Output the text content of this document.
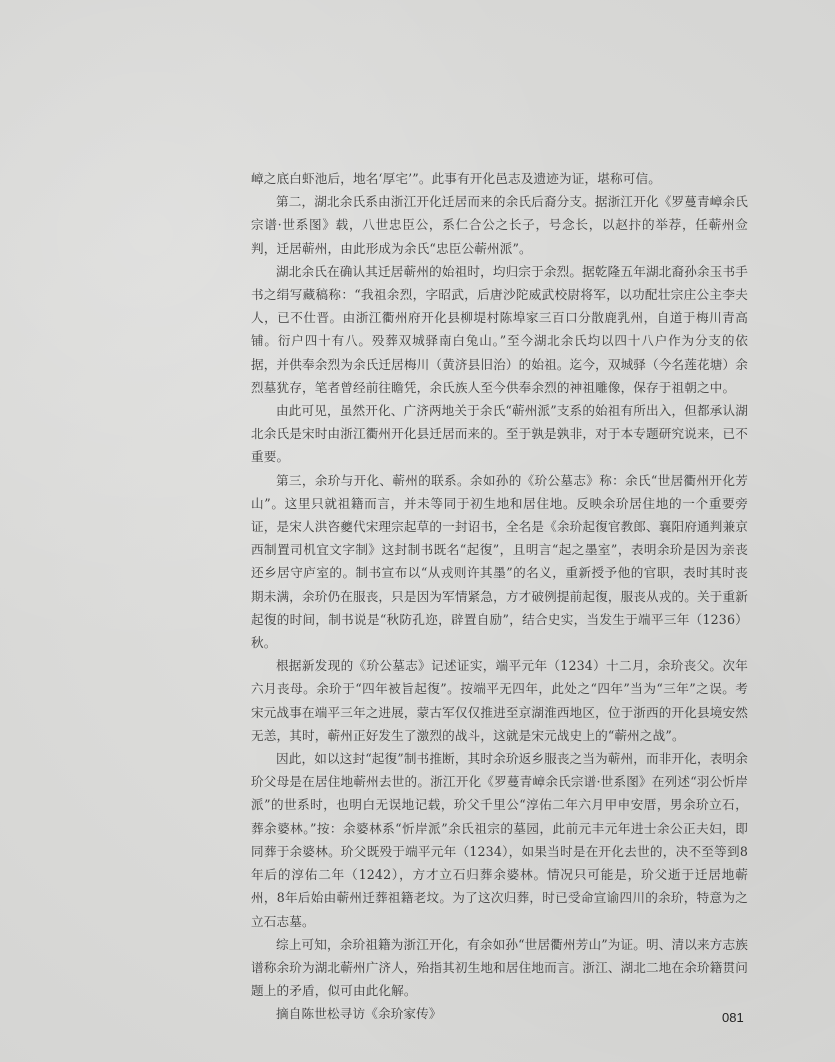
嶂之底白虾池后，地名‘厚宅’”。此事有开化邑志及遗迹为证，堪称可信。

第二，湖北余氏系由浙江开化迁居而来的余氏后裔分支。据浙江开化《罗蔓青嶂余氏宗谱·世系图》载，八世忠臣公，系仁合公之长子，号念长，以赵抃的举荐，任蕲州佥判，迁居蕲州，由此形成为余氏“忠臣公蕲州派”。

湖北余氏在确认其迁居蕲州的始祖时，均归宗于余烈。据乾隆五年湖北裔孙余玉书手书之绢写藏稿称：“我祖余烈，字昭武，后唐沙陀威武校尉将军，以功配壮宗庄公主李夫人，已不仕晋。由浙江衢州府开化县柳堤村陈埠家三百口分散鹿乳州，自道于梅川青高铺。衍户四十有八。殁葬双城驿南白兔山。”至今湖北余氏均以四十八户作为分支的依据，并供奉余烈为余氏迁居梅川（黄济县旧治）的始祖。迄今，双城驿（今名莲花塘）余烈墓犹存，笔者曾经前往瞻凭，余氏族人至今供奉余烈的神祖雕像，保存于祖朝之中。

由此可见，虽然开化、广济两地关于余氏“蕲州派”支系的始祖有所出入，但都承认湖北余氏是宋时由浙江衢州开化县迁居而来的。至于孰是孰非，对于本专题研究说来，已不重要。

第三，余玠与开化、蕲州的联系。余如孙的《玠公墓志》称：余氏“世居衢州开化芳山”。这里只就祖籍而言，并未等同于初生地和居住地。反映余玠居住地的一个重要旁证，是宋人洪咨夔代宋理宗起草的一封诏书，全名是《余玠起復官教郎、襄阳府通判兼京西制置司机宜文字制》这封制书既名“起復”，且明言“起之墨室”，表明余玠是因为亲丧还乡居守庐室的。制书宣布以“从戎则许其墨”的名义，重新授予他的官职，表时其时丧期未满，余玠仍在服丧，只是因为军情紧急，方才破例提前起復，服丧从戎的。关于重新起復的时间，制书说是“秋防孔迩，辟置自励”，结合史实，当发生于端平三年（1236）秋。

根据新发现的《玠公墓志》记述证实，端平元年（1234）十二月，余玠丧父。次年六月丧母。余玠于“四年被旨起復”。按端平无四年，此处之“四年”当为“三年”之误。考宋元战事在端平三年之进展，蒙古军仅仅推进至京湖淮西地区，位于浙西的开化县境安然无恙，其时，蕲州正好发生了激烈的战斗，这就是宋元战史上的“蕲州之战”。

因此，如以这封“起復”制书推断，其时余玠返乡服丧之当为蕲州，而非开化，表明余玠父母是在居住地蕲州去世的。浙江开化《罗蔓青嶂余氏宗谱·世系图》在列述“羽公忻岸派”的世系时，也明白无误地记载，玠父千里公“淳佑二年六月甲申安厝，男余玠立石，葬余婆林。”按：余婆林系“忻岸派”余氏祖宗的墓园，此前元丰元年进士余公正夫妇，即同葬于余婆林。玠父既殁于端平元年（1234），如果当时是在开化去世的，决不至等到8年后的淳佑二年（1242），方才立石归葬余婆林。情况只可能是，玠父逝于迁居地蕲州，8年后始由蕲州迁葬祖籍老坟。为了这次归葬，时已受命宣谕四川的余玠，特意为之立石志墓。

综上可知，余玠祖籍为浙江开化，有余如孙“世居衢州芳山”为证。明、清以来方志族谱称余玠为湖北蕲州广济人，殆指其初生地和居住地而言。浙江、湖北二地在余玠籍贯问题上的矛盾，似可由此化解。

摘自陈世松寻访《余玠家传》	081
